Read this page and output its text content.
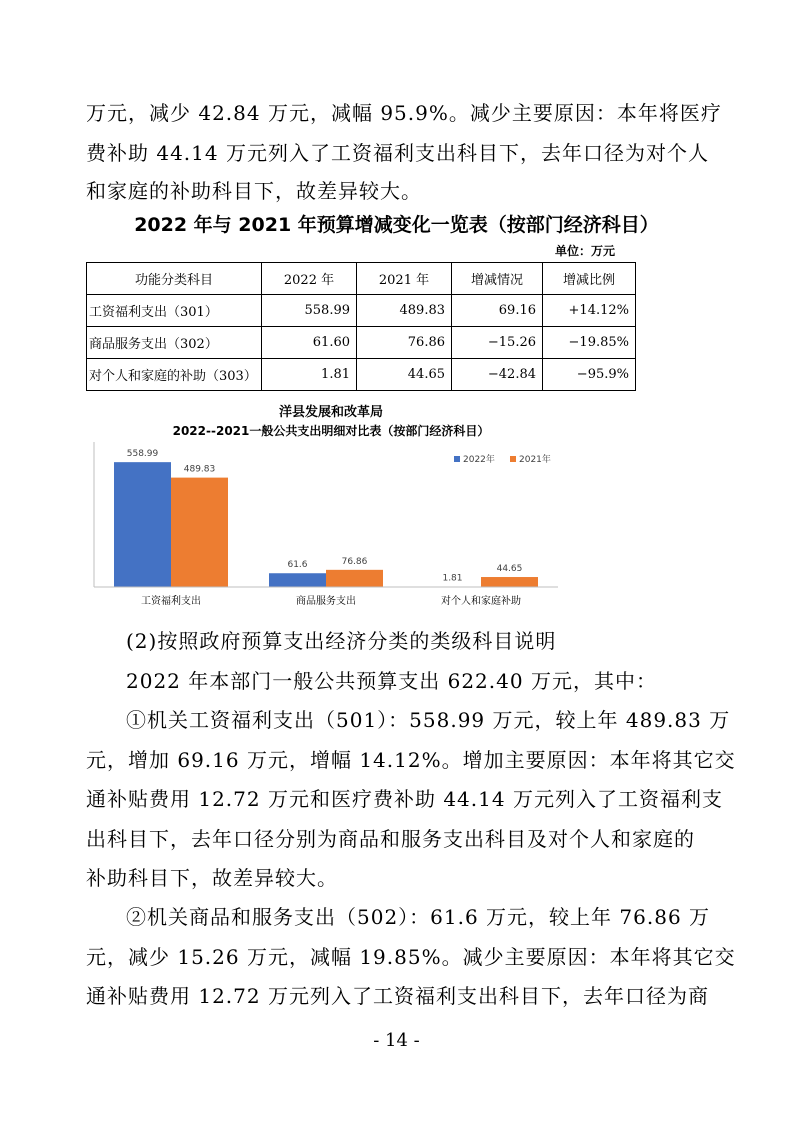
万元，减少 42.84 万元，减幅 95.9%。减少主要原因：本年将医疗
费补助 44.14 万元列入了工资福利支出科目下，去年口径为对个人
和家庭的补助科目下，故差异较大。
2022 年与 2021 年预算增减变化一览表（按部门经济科目）
单位：万元
功能分类科目	2022 年	2021 年	增减情况	增减比例
工资福利支出（301）	558.99	489.83	69.16	+14.12%
商品服务支出（302）	61.60	76.86	−15.26	−19.85%
对个人和家庭的补助（303）	1.81	44.65	−42.84	−95.9%
洋县发展和改革局
2022--2021一般公共支出明细对比表（按部门经济科目）
2022年	2021年
558.99
489.83
工资福利支出
61.6	76.86
商品服务支出
1.81
44.65
对个人和家庭补助
(2)按照政府预算支出经济分类的类级科目说明
2022 年本部门一般公共预算支出 622.40 万元，其中：
①机关工资福利支出（501）：558.99 万元，较上年 489.83 万
元，增加 69.16 万元，增幅 14.12%。增加主要原因：本年将其它交
通补贴费用 12.72 万元和医疗费补助 44.14 万元列入了工资福利支
出科目下，去年口径分别为商品和服务支出科目及对个人和家庭的
补助科目下，故差异较大。
②机关商品和服务支出（502）：61.6 万元，较上年 76.86 万
元，减少 15.26 万元，减幅 19.85%。减少主要原因：本年将其它交
通补贴费用 12.72 万元列入了工资福利支出科目下，去年口径为商
- 14 -
